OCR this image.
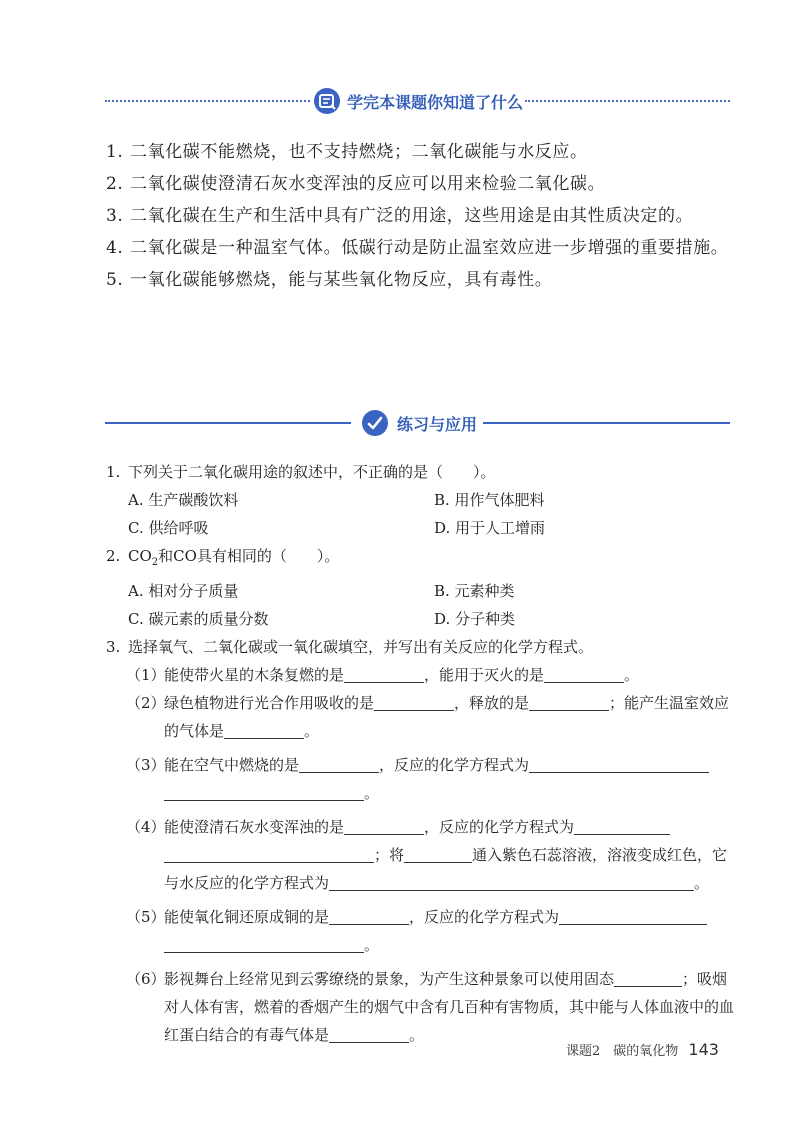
学完本课题你知道了什么
1. 二氧化碳不能燃烧，也不支持燃烧；二氧化碳能与水反应。
2. 二氧化碳使澄清石灰水变浑浊的反应可以用来检验二氧化碳。
3. 二氧化碳在生产和生活中具有广泛的用途，这些用途是由其性质决定的。
4. 二氧化碳是一种温室气体。低碳行动是防止温室效应进一步增强的重要措施。
5. 一氧化碳能够燃烧，能与某些氧化物反应，具有毒性。
练习与应用
1. 下列关于二氧化碳用途的叙述中，不正确的是（　　）。
A. 生产碳酸饮料	B. 用作气体肥料
C. 供给呼吸	D. 用于人工增雨
2. $CO_2$和CO具有相同的（　　）。
A. 相对分子质量	B. 元素种类
C. 碳元素的质量分数	D. 分子种类
3. 选择氧气、二氧化碳或一氧化碳填空，并写出有关反应的化学方程式。
（1）
能使带火星的木条复燃的是	，能用于灭火的是	。
（2）
绿色植物进行光合作用吸收的是	，释放的是	；能产生温室效应的气体是	。
（3）
能在空气中燃烧的是	，反应的化学方程式为
。
（4）
能使澄清石灰水变浑浊的是	，反应的化学方程式为
；将	通入紫色石蕊溶液，溶液变成红色，它与水反应的化学方程式为	。
（5）
能使氧化铜还原成铜的是	，反应的化学方程式为
。
（6）
影视舞台上经常见到云雾缭绕的景象，为产生这种景象可以使用固态	；吸烟对人体有害，燃着的香烟产生的烟气中含有几百种有害物质，其中能与人体血液中的血红蛋白结合的有毒气体是	。
课题2　碳的氧化物 143
